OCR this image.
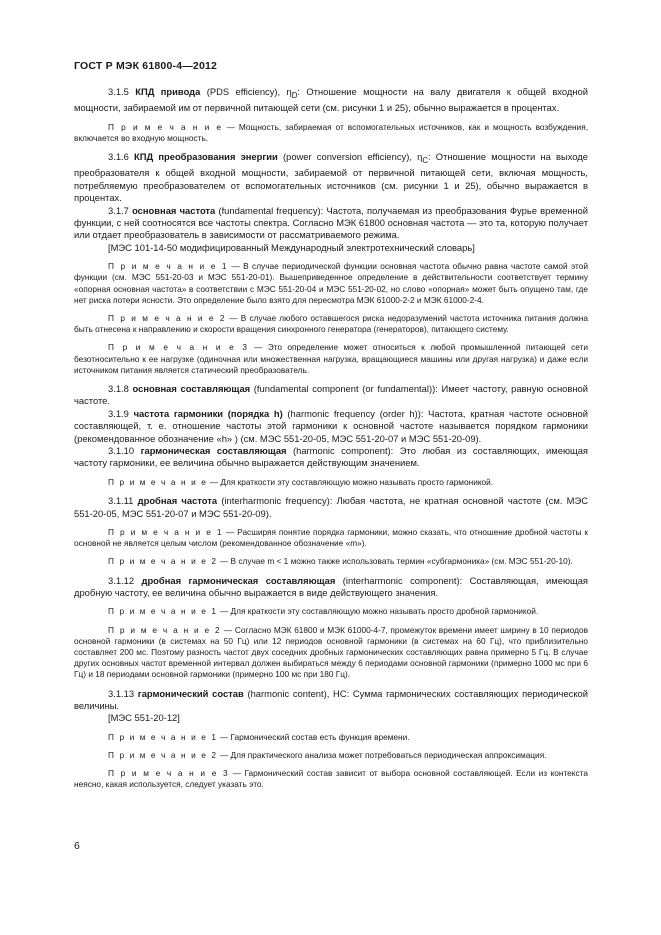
ГОСТ Р МЭК 61800-4—2012

3.1.5 КПД привода (PDS efficiency), $\eta_D$: Отношение мощности на валу двигателя к общей входной мощности, забираемой им от первичной питающей сети (см. рисунки 1 и 25), обычно выражается в процентах.

П р и м е ч а н и е — Мощность, забираемая от вспомогательных источников, как и мощность возбуждения, включается во входную мощность.

3.1.6 КПД преобразования энергии (power conversion efficiency), $\eta_C$: Отношение мощности на выходе преобразователя к общей входной мощности, забираемой от первичной питающей сети, включая мощность, потребляемую преобразователем от вспомогательных источников (см. рисунки 1 и 25), обычно выражается в процентах.

3.1.7 основная частота (fundamental frequency): Частота, получаемая из преобразования Фурье временной функции, с ней соотносятся все частоты спектра. Согласно МЭК 61800 основная частота — это та, которую получает или отдает преобразователь в зависимости от рассматриваемого режима.

[МЭС 101-14-50 модифицированный Международный электротехнический словарь]

П р и м е ч а н и е 1 — В случае периодической функции основная частота обычно равна частоте самой этой функции (см. МЭС 551-20-03 и МЭС 551-20-01). Вышеприведенное определение в действительности соответствует термину «опорная основная частота» в соответствии с МЭС 551-20-04 и МЭС 551-20-02, но слово «опорная» может быть опущено там, где нет риска потери ясности. Это определение было взято для пересмотра МЭК 61000-2-2 и МЭК 61000-2-4.

П р и м е ч а н и е 2 — В случае любого оставшегося риска недоразумений частота источника питания должна быть отнесена к направлению и скорости вращения синхронного генератора (генераторов), питающего систему.

П р и м е ч а н и е 3 — Это определение может относиться к любой промышленной питающей сети безотносительно к ее нагрузке (одиночная или множественная нагрузка, вращающиеся машины или другая нагрузка) и даже если источником питания является статический преобразователь.

3.1.8 основная составляющая (fundamental component (or fundamental)): Имеет частоту, равную основной частоте.

3.1.9 частота гармоники (порядка h) (harmonic frequency (order h)): Частота, кратная частоте основной составляющей, т. е. отношение частоты этой гармоники к основной частоте называется порядком гармоники (рекомендованное обозначение «h» ) (см. МЭС 551-20-05, МЭС 551-20-07 и МЭС 551-20-09).

3.1.10 гармоническая составляющая (harmonic component): Это любая из составляющих, имеющая частоту гармоники, ее величина обычно выражается действующим значением.

П р и м е ч а н и е — Для краткости эту составляющую можно называть просто гармоникой.

3.1.11 дробная частота (interharmonic frequency): Любая частота, не кратная основной частоте (см. МЭС 551-20-05, МЭС 551-20-07 и МЭС 551-20-09).

П р и м е ч а н и е 1 — Расширяя понятие порядка гармоники, можно сказать, что отношение дробной частоты к основной не является целым числом (рекомендованное обозначение «m»).

П р и м е ч а н и е 2 — В случае m < 1 можно также использовать термин «субгармоника» (см. МЭС 551-20-10).

3.1.12 дробная гармоническая составляющая (interharmonic component): Составляющая, имеющая дробную частоту, ее величина обычно выражается в виде действующего значения.

П р и м е ч а н и е 1 — Для краткости эту составляющую можно называть просто дробной гармоникой.

П р и м е ч а н и е 2 — Согласно МЭК 61800 и МЭК 61000-4-7, промежуток времени имеет ширину в 10 периодов основной гармоники (в системах на 50 Гц) или 12 периодов основной гармоники (в системах на 60 Гц), что приблизительно составляет 200 мс. Поэтому разность частот двух соседних дробных гармонических составляющих равна примерно 5 Гц. В случае других основных частот временной интервал должен выбираться между 6 периодами основной гармоники (примерно 1000 мс при 6 Гц) и 18 периодами основной гармоники (примерно 100 мс при 180 Гц).

3.1.13 гармонический состав (harmonic content), HC: Сумма гармонических составляющих периодической величины.

[МЭС 551-20-12]

П р и м е ч а н и е 1 — Гармонический состав есть функция времени.

П р и м е ч а н и е 2 — Для практического анализа может потребоваться периодическая аппроксимация.

П р и м е ч а н и е 3 — Гармонический состав зависит от выбора основной составляющей. Если из контекста неясно, какая используется, следует указать это.

6
